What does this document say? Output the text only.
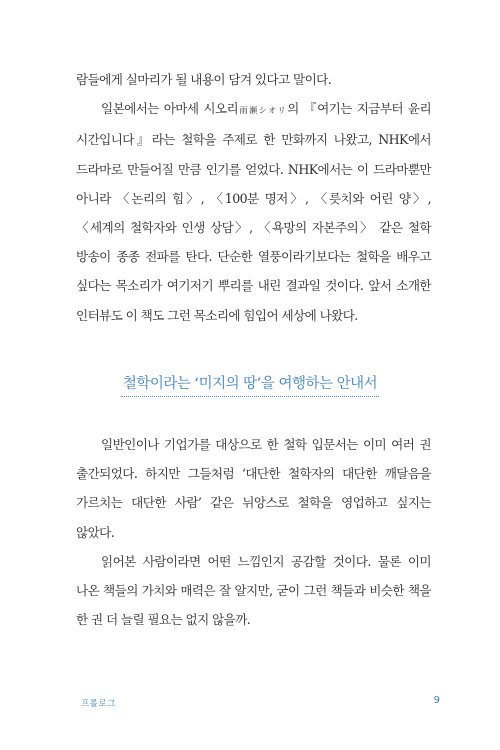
람들에게 실마리가 될 내용이 담겨 있다고 말이다.

일본에서는 아마세 시오리雨瀬シオリ의 『여기는 지금부터 윤리 시간입니다』라는 철학을 주제로 한 만화까지 나왔고, NHK에서 드라마로 만들어질 만큼 인기를 얻었다. NHK에서는 이 드라마뿐만 아니라 〈논리의 힘〉, 〈100분 명저〉, 〈릇치와 어린 양〉, 〈세계의 철학자와 인생 상담〉, 〈욕망의 자본주의〉 같은 철학 방송이 종종 전파를 탄다. 단순한 열풍이라기보다는 철학을 배우고 싶다는 목소리가 여기저기 뿌리를 내린 결과일 것이다. 앞서 소개한 인터뷰도 이 책도 그런 목소리에 힘입어 세상에 나왔다.

철학이라는 ‘미지의 땅’을 여행하는 안내서

일반인이나 기업가를 대상으로 한 철학 입문서는 이미 여러 권 출간되었다. 하지만 그들처럼 ‘대단한 철학자의 대단한 깨달음을 가르치는 대단한 사람’ 같은 뉘앙스로 철학을 영업하고 싶지는 않았다.

읽어본 사람이라면 어떤 느낌인지 공감할 것이다. 물론 이미 나온 책들의 가치와 매력은 잘 알지만, 굳이 그런 책들과 비슷한 책을 한 권 더 늘릴 필요는 없지 않을까.

프롤로그	9
